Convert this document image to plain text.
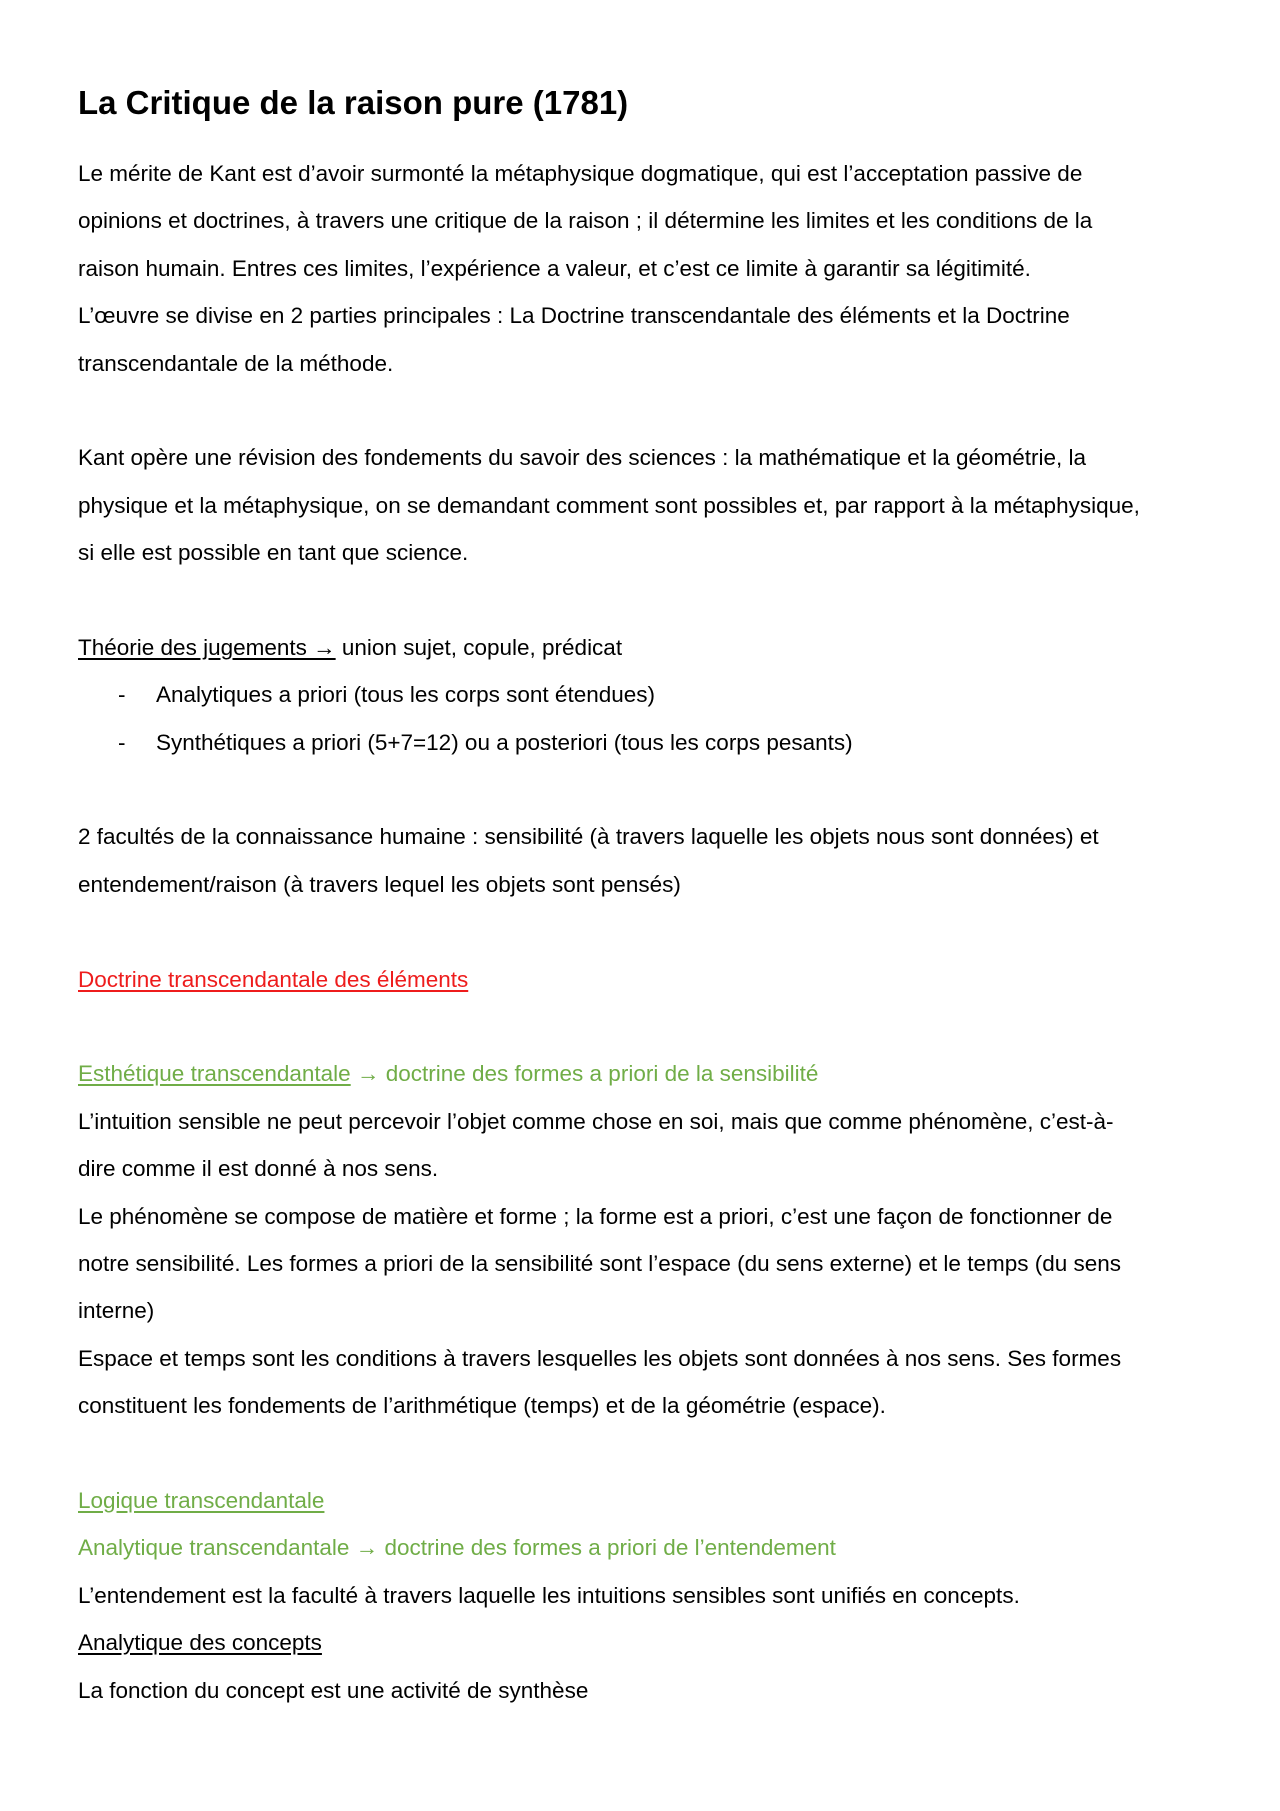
La Critique de la raison pure (1781)
Le mérite de Kant est d’avoir surmonté la métaphysique dogmatique, qui est l’acceptation passive de
opinions et doctrines, à travers une critique de la raison ; il détermine les limites et les conditions de la
raison humain. Entres ces limites, l’expérience a valeur, et c’est ce limite à garantir sa légitimité.
L’œuvre se divise en 2 parties principales : La Doctrine transcendantale des éléments et la Doctrine
transcendantale de la méthode.
Kant opère une révision des fondements du savoir des sciences : la mathématique et la géométrie, la
physique et la métaphysique, on se demandant comment sont possibles et, par rapport à la métaphysique,
si elle est possible en tant que science.
Théorie des jugements → union sujet, copule, prédicat
-	Analytiques a priori (tous les corps sont étendues)
-	Synthétiques a priori (5+7=12) ou a posteriori (tous les corps pesants)
2 facultés de la connaissance humaine : sensibilité (à travers laquelle les objets nous sont données) et
entendement/raison (à travers lequel les objets sont pensés)
Doctrine transcendantale des éléments
Esthétique transcendantale → doctrine des formes a priori de la sensibilité
L’intuition sensible ne peut percevoir l’objet comme chose en soi, mais que comme phénomène, c’est-à-
dire comme il est donné à nos sens.
Le phénomène se compose de matière et forme ; la forme est a priori, c’est une façon de fonctionner de
notre sensibilité. Les formes a priori de la sensibilité sont l’espace (du sens externe) et le temps (du sens
interne)
Espace et temps sont les conditions à travers lesquelles les objets sont données à nos sens. Ses formes
constituent les fondements de l’arithmétique (temps) et de la géométrie (espace).
Logique transcendantale
Analytique transcendantale → doctrine des formes a priori de l’entendement
L’entendement est la faculté à travers laquelle les intuitions sensibles sont unifiés en concepts.
Analytique des concepts
La fonction du concept est une activité de synthèse
